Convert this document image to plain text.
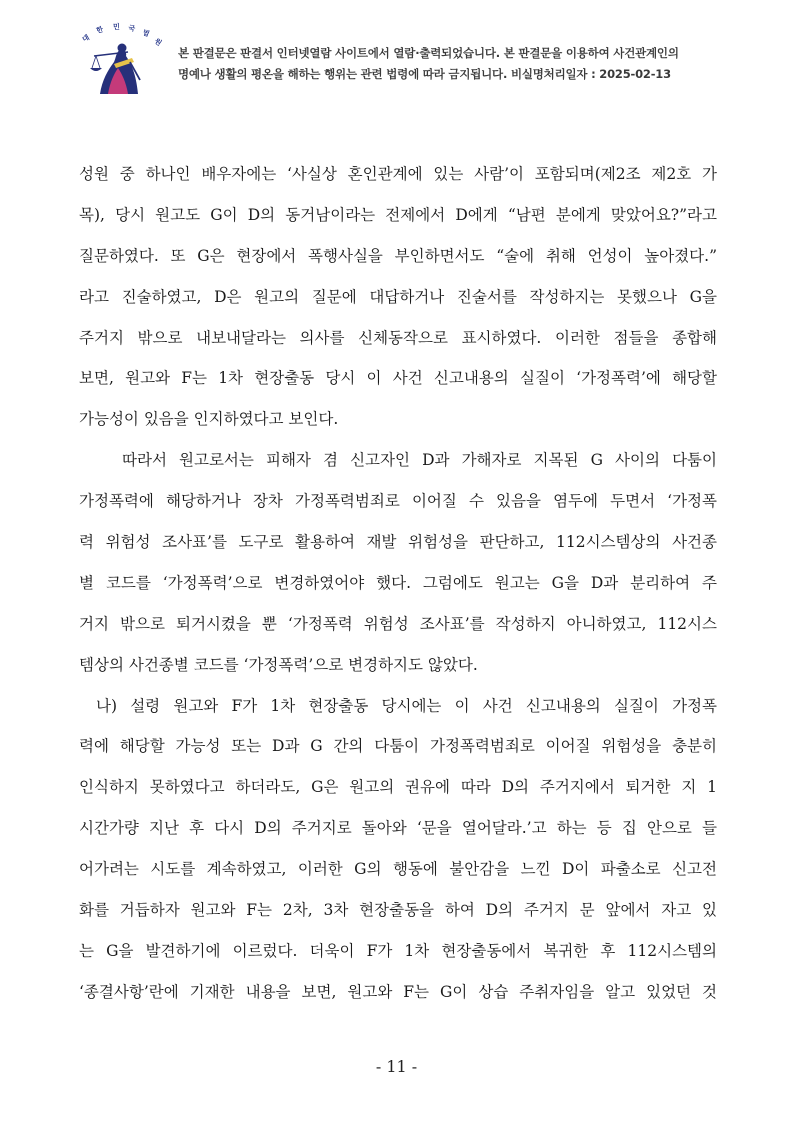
대
한 민 국 법
원
본 판결문은 판결서 인터넷열람 사이트에서 열람·출력되었습니다. 본 판결문을 이용하여 사건관계인의
명예나 생활의 평온을 해하는 행위는 관련 법령에 따라 금지됩니다. 비실명처리일자 : 2025-02-13
성원 중 하나인 배우자에는 ‘사실상 혼인관계에 있는 사람’이 포함되며(제2조 제2호 가
목), 당시 원고도 G이 D의 동거남이라는 전제에서 D에게 “남편 분에게 맞았어요?”라고
질문하였다. 또 G은 현장에서 폭행사실을 부인하면서도 “술에 취해 언성이 높아졌다.”
라고 진술하였고, D은 원고의 질문에 대답하거나 진술서를 작성하지는 못했으나 G을
주거지 밖으로 내보내달라는 의사를 신체동작으로 표시하였다. 이러한 점들을 종합해
보면, 원고와 F는 1차 현장출동 당시 이 사건 신고내용의 실질이 ‘가정폭력’에 해당할
가능성이 있음을 인지하였다고 보인다.
따라서 원고로서는 피해자 겸 신고자인 D과 가해자로 지목된 G 사이의 다툼이
가정폭력에 해당하거나 장차 가정폭력범죄로 이어질 수 있음을 염두에 두면서 ‘가정폭
력 위험성 조사표’를 도구로 활용하여 재발 위험성을 판단하고, 112시스템상의 사건종
별 코드를 ‘가정폭력’으로 변경하였어야 했다. 그럼에도 원고는 G을 D과 분리하여 주
거지 밖으로 퇴거시켰을 뿐 ‘가정폭력 위험성 조사표’를 작성하지 아니하였고, 112시스
템상의 사건종별 코드를 ‘가정폭력’으로 변경하지도 않았다.
나) 설령 원고와 F가 1차 현장출동 당시에는 이 사건 신고내용의 실질이 가정폭
력에 해당할 가능성 또는 D과 G 간의 다툼이 가정폭력범죄로 이어질 위험성을 충분히
인식하지 못하였다고 하더라도, G은 원고의 권유에 따라 D의 주거지에서 퇴거한 지 1
시간가량 지난 후 다시 D의 주거지로 돌아와 ‘문을 열어달라.’고 하는 등 집 안으로 들
어가려는 시도를 계속하였고, 이러한 G의 행동에 불안감을 느낀 D이 파출소로 신고전
화를 거듭하자 원고와 F는 2차, 3차 현장출동을 하여 D의 주거지 문 앞에서 자고 있
는 G을 발견하기에 이르렀다. 더욱이 F가 1차 현장출동에서 복귀한 후 112시스템의
‘종결사항’란에 기재한 내용을 보면, 원고와 F는 G이 상습 주취자임을 알고 있었던 것
- 11 -
